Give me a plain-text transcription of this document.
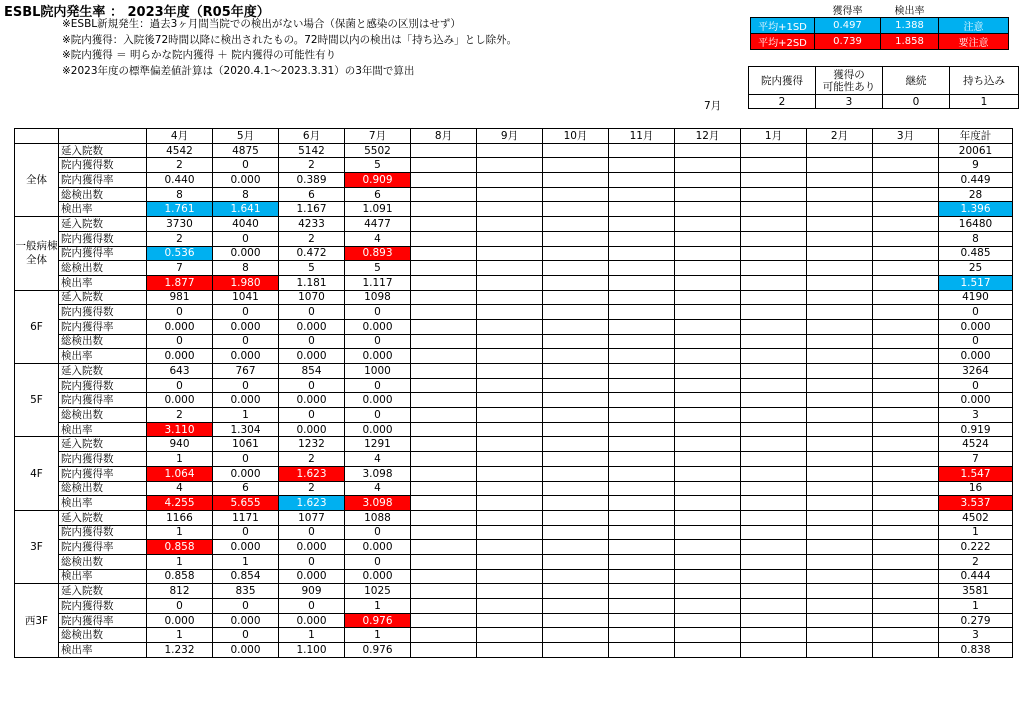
ESBL院内発生率 ： 2023年度（R05年度）
※ESBL新規発生：過去3ヶ月間当院での検出がない場合（保菌と感染の区別はせず）
※院内獲得：入院後72時間以降に検出されたもの。72時間以内の検出は「持ち込み」とし除外。
※院内獲得 ＝ 明らかな院内獲得 ＋ 院内獲得の可能性有り
※2023年度の標準偏差値計算は（2020.4.1～2023.3.31）の3年間で算出
	獲得率	検出率	
平均+1SD	0.497	1.388	注意
平均+2SD	0.739	1.858	要注意
7月
院内獲得	獲得の
可能性あり	継続	持ち込み
2	3	0	1
		4月	5月	6月	7月	8月	9月	10月	11月	12月	1月	2月	3月	年度計
全体	延入院数	4542	4875	5142	5502									20061
	院内獲得数	2	0	2	5									9
	院内獲得率	0.440	0.000	0.389	0.909									0.449
	総検出数	8	8	6	6									28
	検出率	1.761	1.641	1.167	1.091									1.396
一般病棟全体	延入院数	3730	4040	4233	4477									16480
	院内獲得数	2	0	2	4									8
	院内獲得率	0.536	0.000	0.472	0.893									0.485
	総検出数	7	8	5	5									25
	検出率	1.877	1.980	1.181	1.117									1.517
6F	延入院数	981	1041	1070	1098									4190
	院内獲得数	0	0	0	0									0
	院内獲得率	0.000	0.000	0.000	0.000									0.000
	総検出数	0	0	0	0									0
	検出率	0.000	0.000	0.000	0.000									0.000
5F	延入院数	643	767	854	1000									3264
	院内獲得数	0	0	0	0									0
	院内獲得率	0.000	0.000	0.000	0.000									0.000
	総検出数	2	1	0	0									3
	検出率	3.110	1.304	0.000	0.000									0.919
4F	延入院数	940	1061	1232	1291									4524
	院内獲得数	1	0	2	4									7
	院内獲得率	1.064	0.000	1.623	3.098									1.547
	総検出数	4	6	2	4									16
	検出率	4.255	5.655	1.623	3.098									3.537
3F	延入院数	1166	1171	1077	1088									4502
	院内獲得数	1	0	0	0									1
	院内獲得率	0.858	0.000	0.000	0.000									0.222
	総検出数	1	1	0	0									2
	検出率	0.858	0.854	0.000	0.000									0.444
西3F	延入院数	812	835	909	1025									3581
	院内獲得数	0	0	0	1									1
	院内獲得率	0.000	0.000	0.000	0.976									0.279
	総検出数	1	0	1	1									3
	検出率	1.232	0.000	1.100	0.976									0.838
